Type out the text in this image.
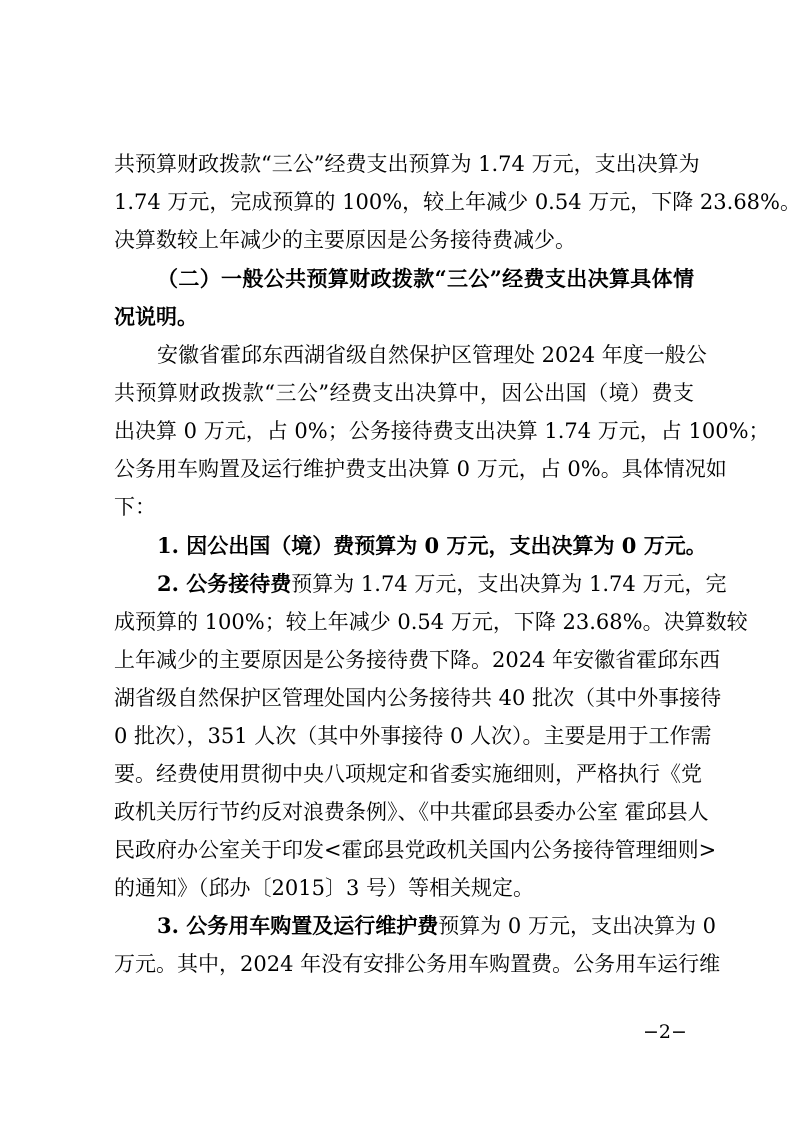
共预算财政拨款“三公”经费支出预算为 1.74 万元，支出决算为
1.74 万元，完成预算的 100%，较上年减少 0.54 万元，下降 23.68%。
决算数较上年减少的主要原因是公务接待费减少。
（二）一般公共预算财政拨款“三公”经费支出决算具体情
况说明。
安徽省霍邱东西湖省级自然保护区管理处 2024 年度一般公
共预算财政拨款“三公”经费支出决算中，因公出国（境）费支
出决算 0 万元，占 0%；公务接待费支出决算 1.74 万元，占 100%；
公务用车购置及运行维护费支出决算 0 万元，占 0%。具体情况如
下：
1. 因公出国（境）费预算为 0 万元，支出决算为 0 万元。
2. 公务接待费预算为 1.74 万元，支出决算为 1.74 万元，完
成预算的 100%；较上年减少 0.54 万元，下降 23.68%。决算数较
上年减少的主要原因是公务接待费下降。2024 年安徽省霍邱东西
湖省级自然保护区管理处国内公务接待共 40 批次（其中外事接待
0 批次），351 人次（其中外事接待 0 人次）。主要是用于工作需
要。经费使用贯彻中央八项规定和省委实施细则，严格执行《党
政机关厉行节约反对浪费条例》、《中共霍邱县委办公室 霍邱县人
民政府办公室关于印发<霍邱县党政机关国内公务接待管理细则>
的通知》（邱办〔2015〕3 号）等相关规定。
3. 公务用车购置及运行维护费预算为 0 万元，支出决算为 0
万元。其中，2024 年没有安排公务用车购置费。公务用车运行维
−2−
